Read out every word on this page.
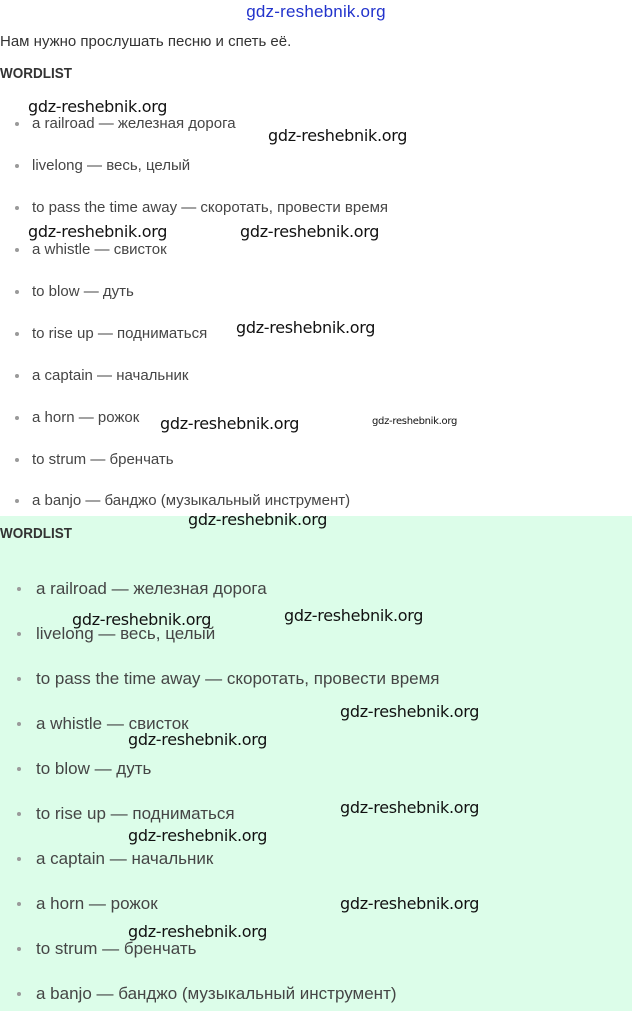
gdz-reshebnik.org
Нам нужно прослушать песню и спеть её.
WORDLIST
a railroad — железная дорога
livelong — весь, целый
to pass the time away — скоротать, провести время
a whistle — свисток
to blow — дуть
to rise up — подниматься
a captain — начальник
a horn — рожок
to strum — бренчать
a banjo — банджо (музыкальный инструмент)
WORDLIST
a railroad — железная дорога
livelong — весь, целый
to pass the time away — скоротать, провести время
a whistle — свисток
to blow — дуть
to rise up — подниматься
a captain — начальник
a horn — рожок
to strum — бренчать
a banjo — банджо (музыкальный инструмент)
gdz-reshebnik.org
gdz-reshebnik.org
gdz-reshebnik.org	gdz-reshebnik.org
gdz-reshebnik.org
gdz-reshebnik.org	gdz-reshebnik.org
gdz-reshebnik.org
gdz-reshebnik.org	gdz-reshebnik.org
gdz-reshebnik.org
gdz-reshebnik.org
gdz-reshebnik.org
gdz-reshebnik.org
gdz-reshebnik.org
gdz-reshebnik.org
